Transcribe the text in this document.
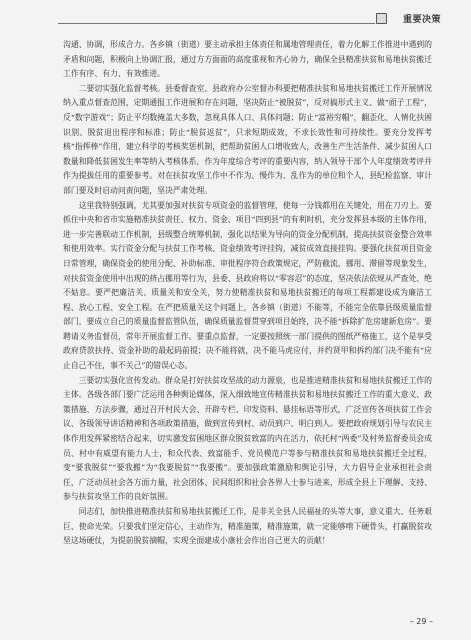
重要决策

沟通、协调，形成合力。各乡镇（街道）要主动承担主体责任和属地管理责任，着力化解工作推进中遇到的矛盾和问题，积极向上协调汇报，通过方方面面的高度重视和齐心协力，确保全县精准扶贫和易地扶贫搬迁工作有序、有力、有效推进。

二要切实强化监督考核。县委督查室、县政府办公室督办科要把精准扶贫和易地扶贫搬迁工作开展情况纳入重点督查范围，定期通报工作进展和存在问题，坚决防止“被脱贫”，反对搞形式主义、做“面子工程”，反“数字游戏”；防止平均数掩盖大多数，忽视具体人口、具体问题；防止“富裕穷帽”，翻歪化、人情化扶困识别、脱贫退出程序和标准；防止“脱贫返贫”，只求短期成效，不求长效性和可持续性。要充分发挥考核“指挥棒”作用，建立科学的考核奖惩机制，把帮助贫困人口增收致人，改善生产生活条件、减少贫困人口数量和降低贫困发生率等纳入考核体系，作为年度综合考评的重要内容，纳入领导干部个人年度绩效考评并作为提拔任用的重要参考。对在扶贫攻坚工作中不作为、慢作为、乱作为的单位和个人，县纪检监察、审计部门要及时启动问责问题，坚决严肃处理。

这里我特别强调，尤其要加强对扶贫专项资金的监督管理，使每一分钱都用在关键处，用在刀刃上。要抓住中央和省市实施精准扶贫责任、权力、资金、项目“四到县”的有利时机，充分发挥县本级的主体作用，进一步完善联动工作机制，县级整合统筹机制，强化以结果为导向的资金分配机制，提高扶贫资金整合效率和使用效率。实行资金分配与扶贫工作考核、资金绩效考评挂钩，减贫成效直接挂钩。要强化扶贫项目资金日常管理，确保资金的使用分配、补助标准、审批程序符合政策规定，严防截流、挪用、滞留等现象发生，对扶贫资金使用中出现的挤占挪用等行为，县委、县政府将以“零容忍”的态度，坚决依法依规从严查处、绝不姑息。要严把廉洁关、质量关和安全关，努力使精准扶贫和易地扶贫搬迁的每项工程都建设成为廉洁工程、放心工程、安全工程。在严把质量关这个问题上，各乡镇（街道）不能等，不能完全依靠县级质量监督部门，要成立自己的质量监督监管队伍，确保质量监督贯穿到项目始终，决不能“拆除扩危房建新危房”。要聘请义务监督员，常年开展监督工作。要重点监督，一定要按照统一部门提供的图纸严格施工，这个是享受政府贷款扶持、资金补助的最起码前提；决不能将就，决不能马虎应付，并约贤甲和拆约部门决不能有“应止自己不住，事不关己”的错误心态。

三要切实强化宣传发动。群众是打好扶贫攻坚战的动力源泉，也是推进精准扶贫和易地扶贫搬迁工作的主体。各级各部门要广泛运用各种舆论媒体，深入细致地宣传精准扶贫和易地扶贫搬迁工作的重大意义、政策措施、方法步骤，通过召开村民大会、开辟专栏、印发资料、悬挂标语等形式，广泛宣传各项扶贫工作会议、各级领导讲话精神和各项政策措施，做到宣传到村、动员到户、明白到人。要把政府规划引导与农民主体作用发挥紧密结合起来，切实激发贫困地区群众脱贫致富的内在活力，依托村“两委”及村务监督委员会成员、村中有威望有能力人士，和众代表、致富能手、党员模范户等参与精准扶贫和易地扶贫搬迁全过程，变“要我脱贫”“要我搬”为“我要脱贫”“我要搬”。要加强政策激励和舆论引导，大力倡导企业承担社会责任，广泛动员社会各方面力量，社会团体、民间组织和社会各界人士参与进来，形成全县上下理解、支持、参与扶贫攻坚工作的良好氛围。

同志们，加快推进精准扶贫和易地扶贫搬迁工作，是非关全县人民福祉的头等大事，意义重大、任务艰巨、使命光荣。只要我们坚定信心，主动作为，精准施策，精准施策，就一定能够啃下硬骨头，打赢脱贫攻坚这场硬仗，为提前脱贫摘帽，实现全面建成小康社会作出自己更大的贡献！

– 29 –
